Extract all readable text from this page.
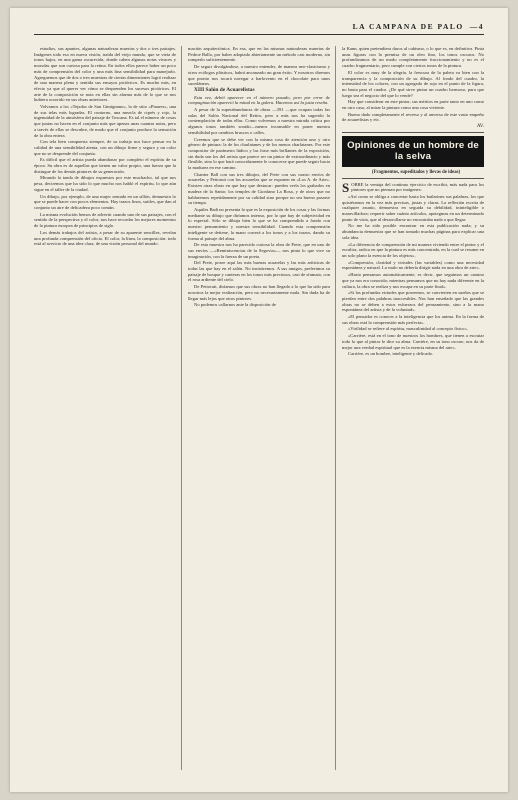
LA CAMPANA DE PALO —4

estudios, sus apuntes, algunas naturalezas muertas y dos o tres paisajes. Imágenes todo eso en nueva visión, traída del viejo mundo, que se vieta de tonos bajos, en una gama oscurecida, donde caben algunas notas vivaces y morsdas que son curiosa para la retina. En todos ellos parece haber un poco más de comprensión del color y una más fina sensibilidad para manejarlo. Agreguemos que de dos o tres muestras de ciertas dimensiones logró realizar de una manera plena y sentida sus ensayos pictóricos. Es mucho más, en efecto ya que al querer ver cómo se desprenden los sucesos pictóricos. El arte de la composición se nota en ellas sin alarma más de lo que se nos hubiera ocurrido en sus obras anteriores.

Volvamos a los «Tejados de San Gimignano», la de sitio «Pinares», una de sus telas más logradas. El contorno, una mezcla de ciprés y rojo, la ingenuidad de la atmósfera del paisaje de Toscana. Es tal el número de cosas que juntas no hacen en el conjunto más que apenas unas cuantas notas, pero a través de ellas se descubre, de modo que el conjunto produce la sensación de la obra entera.

Con tela bien compuesta siempre, de su trabajo nos hace pensar en la calidad de una sensibilidad atenta, con un dibujo firme y seguro y un color que no se desprende del conjunto.

Es difícil que el artista pueda abandonar por completo el espíritu de su época. Su obra es de aquellas que tienen un valor propio, una fuerza que la distingue de los demás pintores de su generación.

Mirando la tanda de dibujos expuestos por este muchacho, tal que nos pesa, deciremos que ha sido lo que mucho nos habló el espíritu, lo que aún sigue en el taller de la ciudad.

Un dibujo, por ejemplo, de una mujer sentada en un sillón, demuestra lo que se puede hacer con pocos elementos. Hay trazos finos, sutiles, que dan al conjunto un aire de delicadeza poco común.

La misma evolución hemos de advertir cuando uno de sus paisajes, con el sentido de la perspectiva y el color, nos hace recordar los mejores momentos de la pintura europea de principios de siglo.

Los demás trabajos del artista, a pesar de su aparente sencillez, revelan una profunda comprensión del oficio. El color, la línea, la composición: todo está al servicio de una idea clara, de una visión personal del mundo.

mación arquitectónica. En esa, que en las mismas naturalezas muertas de Pedroe Ballo, por haber adoptado abiertamente un método casi moderno, sin romperlo suficientemente.

De seguir divulgándose, a nuestro entender, de manera neo-clasicismo y otros ecólogos plásticos, habrá ancanzado un gran éxito. Y nosotros diremos que pronto nos tocará navegar a barlovento en el chocolate para unos sucedáneos.

XIII Salón de Acuarelistas

Esta vez, debió aparecer en el número pasado, pero por error de compaginación apareció la mitad en la galera. Hacemos así la justa reseña.

A pesar de la superabundancia de obras —391 —que ocupan todas las salas del Salón Nacional del Retiro, pero a más nos ha sugerido la contemplación de todas ellas. Como volvemos a nuestra mirada crítica por algunos tonos también sonido—menos incansable en poner nuestra sensibilidad por cambios bruscos o calles.

Creemos que se debe ver con la misma cosa de atención uno y otro género de pintura: la de los charlatanes y de los menos charlatanes. Por este compositor de parámetro lúdico y las frase más brillantes de la exposición, sin duda son los del artista que parece ser un pintor de extraordinario y más flexible, sino lo que hará conocidamente le conocerse que puede seguir hacia la madurez en ese camino.

Chanter Ball con sus tres dibujos, del Prete con sus cuatro envíos de acuarelas y Pettoruti con los acuarelas que se exponen en «Los A. de Arte». Existen otras obras en que hay que destacar: pueden verla los grabados en madera de la Santo; los temples de Giordano La Rosa, y de otros que no hablaremos repetidamente por su calidad sino porque no sea bueno pasarse su tiempo.

Aquiles Badi no presenta lo que es la exposición de los cosas y las formas mediante su dibujo que diríamos intenso, por lo que hay de subjetividad en lo especial. Sólo se dibuja bien lo que se ha comprendido a fondo con nuestro pensamiento y nuestra sensibilidad. Cuando esta comprensión inteligente se detiene, la mano correrá a los tonos y a los trazos, dando su forma al paisaje del alma.

De esta muestra nos ha parecido curiosa la obra de Prete, que en uno de sus envíos —«Reminiscencias de la Segovia»— nos pinta lo que vive su imaginación, con la fuerza de un poeta.

Del Prete, posee aquí las más buenas acuarelas y las más artísticas de todas las que hay en el salón. No insistiremos. A sus amigos, preferimos su paisaje de bosque y canteras en los tonos más preciosos, casi de sfumato, con el rosa ardiente del cielo.

De Pettoruti, diríamos que sus obras no han llegado a lo que ha sido para nosotros la mejor realización, pero no necesariamente mala. Sin duda ha de llegar más lejos que otros pintores.

No podemos callarnos ante la disposición de

la Kann, quien pretendiera duros al cubismo, o lo que es, en definitiva. Pinta unas figuras con la premisa de un oleo fino, los tonos oscuros. No profundizamos de un modo completamente fraccionamiento y no es el cuadro fragmentario, pero cumple con ciertos tonos de la pintura.

El color es muy de la alegría, la frescura de la paleta va bien con la transparencia y la composición de su dibujo. Al fondo del cuadro, la intensidad de los colores, con un agregado de rojo en el punto de la figura, no basta para el cuadro. ¿De qué sirve pintar un cuadro hermoso, para que luego sea el negocio del que lo vende?

Hay que considerar en este pintor, sus méritos en parte tanto en uno como en otro caso, al mirar la pintura como una cosa viviente.

Bueno dado completamente el reverso y al anverso de este vasto empeño de acuarelistas y etc.

AV.

Opiniones de un hombre de la selva

(Fragmentos, supeditados y llevas de ideas)

SOBRE la ventaja del continuo ejercicio de escribir, más nada para los pintores que no piensan por imágenes:

«Así como se obliga a concertar hasta los bailarines sus palabras, los que quisiéramos en la vez más precisas, justas y claras. La reflexión escrita de cualquier asunto, demuestra en seguida su debilidad, ininteligible o maravilladora; requerir saber cuánto artículos, apotegmas en un determinado punto de vista, que al desarrollarse no encontraba nada a que llegar.

No me ha sido posible encontrar en esta publicación nada; y su abundancia demuestra que se han tomado muchas páginas para explicar una sola idea.

«La diferencia de comprensión de mi manera viviendo entre el pintor y el escultor, radica en que la pintura es más concentrada, en la cual se resume en un solo plano la esencia de los objetos».

«Compresión, claridad y virtudes (las variables) como una necesidad espontánea y natural. Lo malo no debería dirigir nada en una obra de arte».

«Hasta pensamos automáticamente, es decir, que seguimos un camino que ya nos era conocido; mientras pensamos que no hay nada diferente en la cultura, la obra se realiza y nos escapa en su parte final».

«Si las profundas virtudes que poseemos, se convierten en sueños que se pierden entre dos palabras inaccesibles. Nos han enseñado que las grandes obras no se deben a estos esfuerzos del pensamiento, sino a la mano espontánea del artista y de la voluntad».

«El pensador es conocer a la inteligencia que los anima. En la forma de sus obras está la comprensión más perfecta».

«Virilidad se refiere al espíritu, masculinidad al concepto físico».

«Carrière, está en el tono de nuestros los hombres, que tienen a escrutar todo lo que al pintor le dice su alma. Carrière, en su tono oscuro, nos da de mejor una verdad espiritual que es la esencia misma del arte».

Carrière, es un hombre, inteligente y delicado.
